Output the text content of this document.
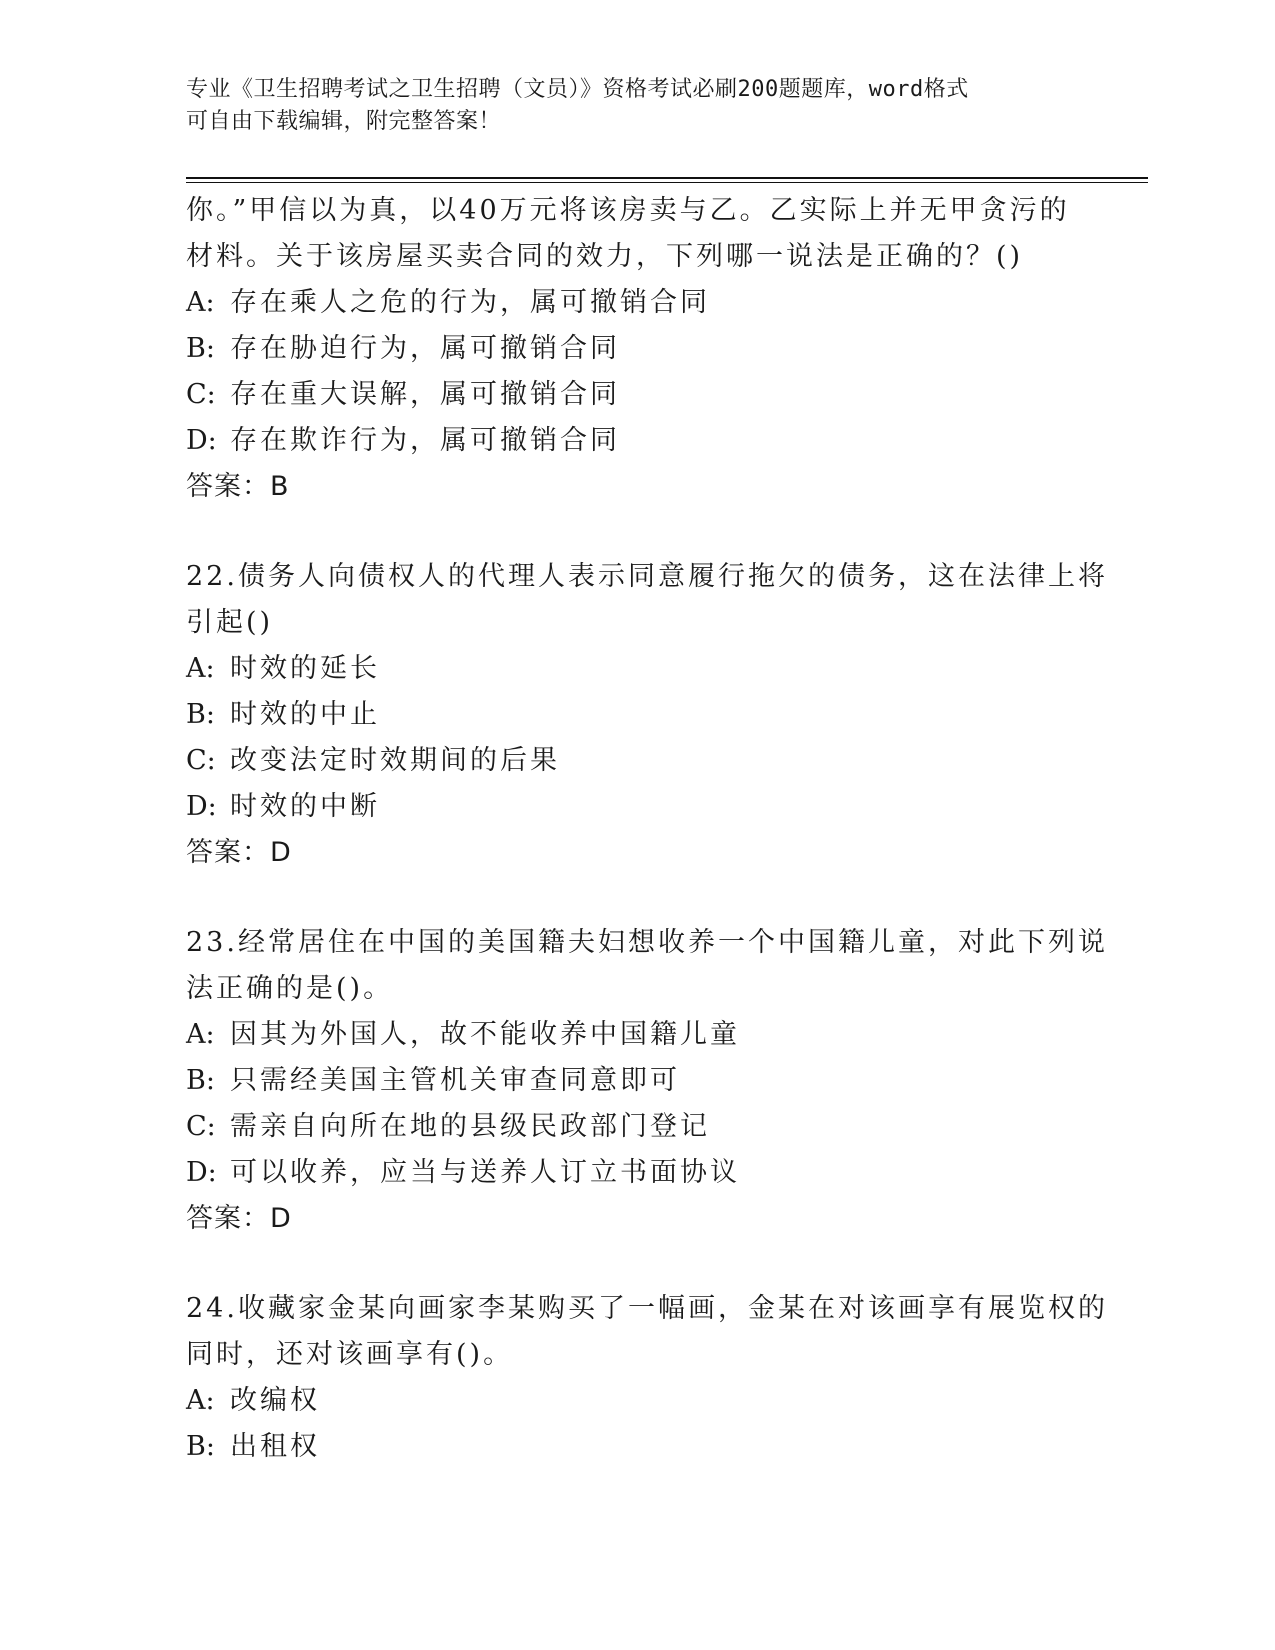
专业《卫生招聘考试之卫生招聘（文员）》资格考试必刷200题题库，word格式
可自由下载编辑，附完整答案！
你。”甲信以为真，以40万元将该房卖与乙。乙实际上并无甲贪污的
材料。关于该房屋买卖合同的效力，下列哪一说法是正确的？()
A: 存在乘人之危的行为，属可撤销合同
B: 存在胁迫行为，属可撤销合同
C: 存在重大误解，属可撤销合同
D: 存在欺诈行为，属可撤销合同
答案：B
22.债务人向债权人的代理人表示同意履行拖欠的债务，这在法律上将
引起()
A: 时效的延长
B: 时效的中止
C: 改变法定时效期间的后果
D: 时效的中断
答案：D
23.经常居住在中国的美国籍夫妇想收养一个中国籍儿童，对此下列说
法正确的是()。
A: 因其为外国人，故不能收养中国籍儿童
B: 只需经美国主管机关审查同意即可
C: 需亲自向所在地的县级民政部门登记
D: 可以收养，应当与送养人订立书面协议
答案：D
24.收藏家金某向画家李某购买了一幅画，金某在对该画享有展览权的
同时，还对该画享有()。
A: 改编权
B: 出租权
